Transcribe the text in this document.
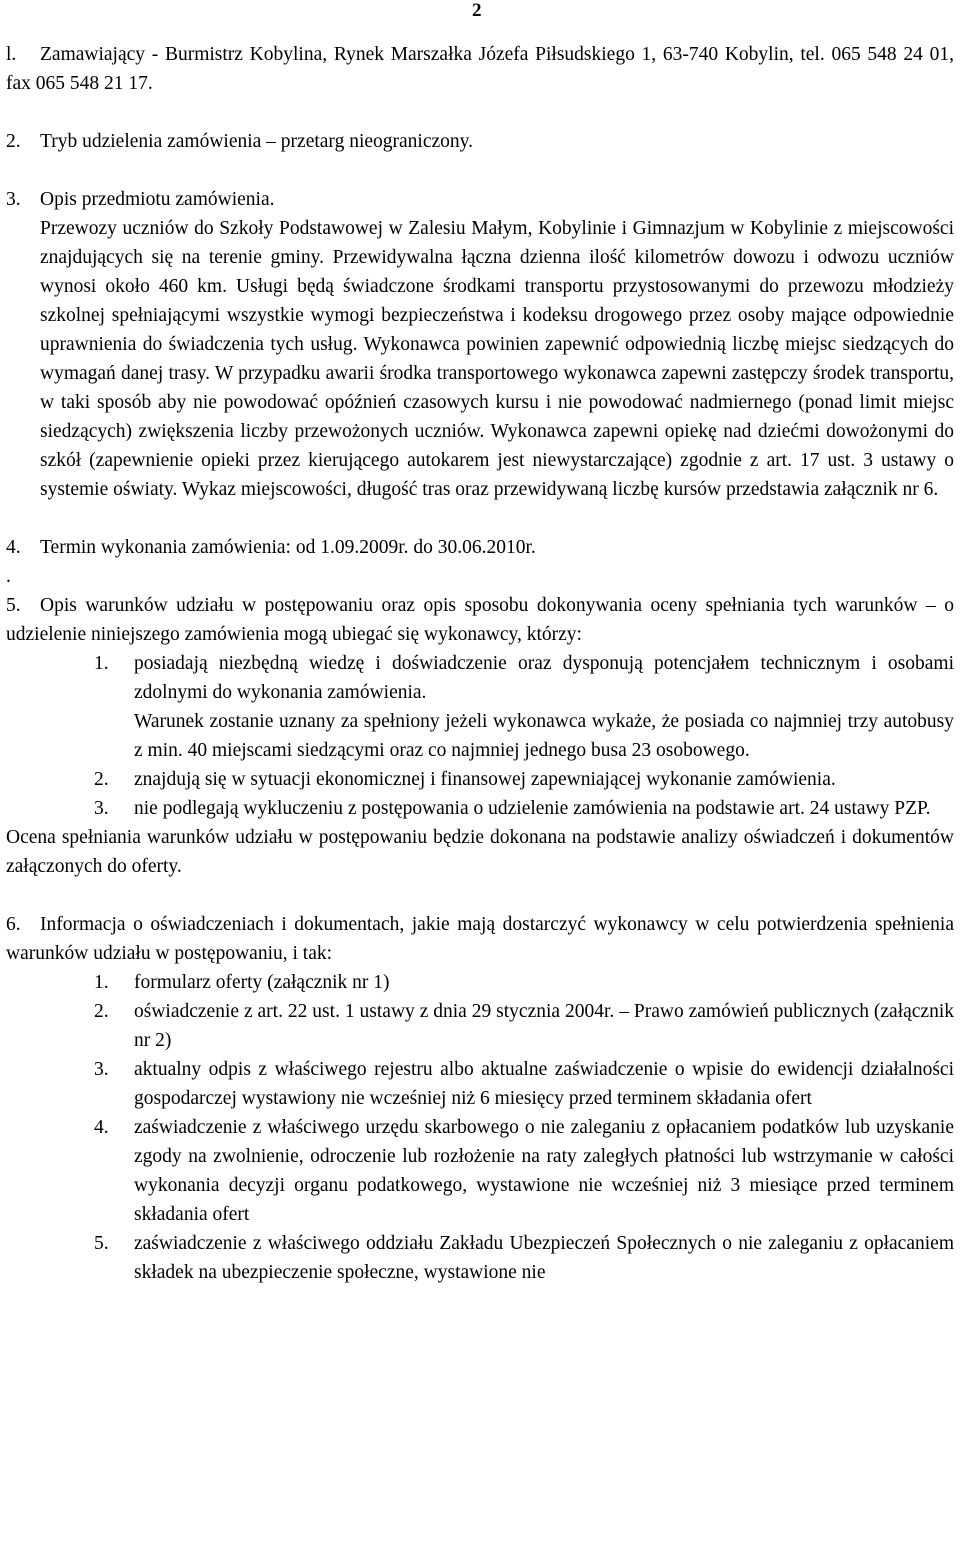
2

l. Zamawiający - Burmistrz Kobylina, Rynek Marszałka Józefa Piłsudskiego 1, 63-740 Kobylin, tel. 065 548 24 01, fax 065 548 21 17.

2. Tryb udzielenia zamówienia – przetarg nieograniczony.

3. Opis przedmiotu zamówienia.

Przewozy uczniów do Szkoły Podstawowej w Zalesiu Małym, Kobylinie i Gimnazjum w Kobylinie z miejscowości znajdujących się na terenie gminy. Przewidywalna łączna dzienna ilość kilometrów dowozu i odwozu uczniów wynosi około 460 km. Usługi będą świadczone środkami transportu przystosowanymi do przewozu młodzieży szkolnej spełniającymi wszystkie wymogi bezpieczeństwa i kodeksu drogowego przez osoby mające odpowiednie uprawnienia do świadczenia tych usług. Wykonawca powinien zapewnić odpowiednią liczbę miejsc siedzących do wymagań danej trasy. W przypadku awarii środka transportowego wykonawca zapewni zastępczy środek transportu, w taki sposób aby nie powodować opóźnień czasowych kursu i nie powodować nadmiernego (ponad limit miejsc siedzących) zwiększenia liczby przewożonych uczniów. Wykonawca zapewni opiekę nad dziećmi dowożonymi do szkół (zapewnienie opieki przez kierującego autokarem jest niewystarczające) zgodnie z art. 17 ust. 3 ustawy o systemie oświaty. Wykaz miejscowości, długość tras oraz przewidywaną liczbę kursów przedstawia załącznik nr 6.

4. Termin wykonania zamówienia: od 1.09.2009r. do 30.06.2010r.

.

5. Opis warunków udziału w postępowaniu oraz opis sposobu dokonywania oceny spełniania tych warunków – o udzielenie niniejszego zamówienia mogą ubiegać się wykonawcy, którzy:

1. posiadają niezbędną wiedzę i doświadczenie oraz dysponują potencjałem technicznym i osobami zdolnymi do wykonania zamówienia.

Warunek zostanie uznany za spełniony jeżeli wykonawca wykaże, że posiada co najmniej trzy autobusy z min. 40 miejscami siedzącymi oraz co najmniej jednego busa 23 osobowego.

2. znajdują się w sytuacji ekonomicznej i finansowej zapewniającej wykonanie zamówienia.
3. nie podlegają wykluczeniu z postępowania o udzielenie zamówienia na podstawie art. 24 ustawy PZP.

Ocena spełniania warunków udziału w postępowaniu będzie dokonana na podstawie analizy oświadczeń i dokumentów załączonych do oferty.

6. Informacja o oświadczeniach i dokumentach, jakie mają dostarczyć wykonawcy w celu potwierdzenia spełnienia warunków udziału w postępowaniu, i tak:

1. formularz oferty (załącznik nr 1)
2. oświadczenie z art. 22 ust. 1 ustawy z dnia 29 stycznia 2004r. – Prawo zamówień publicznych (załącznik nr 2)
3. aktualny odpis z właściwego rejestru albo aktualne zaświadczenie o wpisie do ewidencji działalności gospodarczej wystawiony nie wcześniej niż 6 miesięcy przed terminem składania ofert
4. zaświadczenie z właściwego urzędu skarbowego o nie zaleganiu z opłacaniem podatków lub uzyskanie zgody na zwolnienie, odroczenie lub rozłożenie na raty zaległych płatności lub wstrzymanie w całości wykonania decyzji organu podatkowego, wystawione nie wcześniej niż 3 miesiące przed terminem składania ofert
5. zaświadczenie z właściwego oddziału Zakładu Ubezpieczeń Społecznych o nie zaleganiu z opłacaniem składek na ubezpieczenie społeczne, wystawione nie
